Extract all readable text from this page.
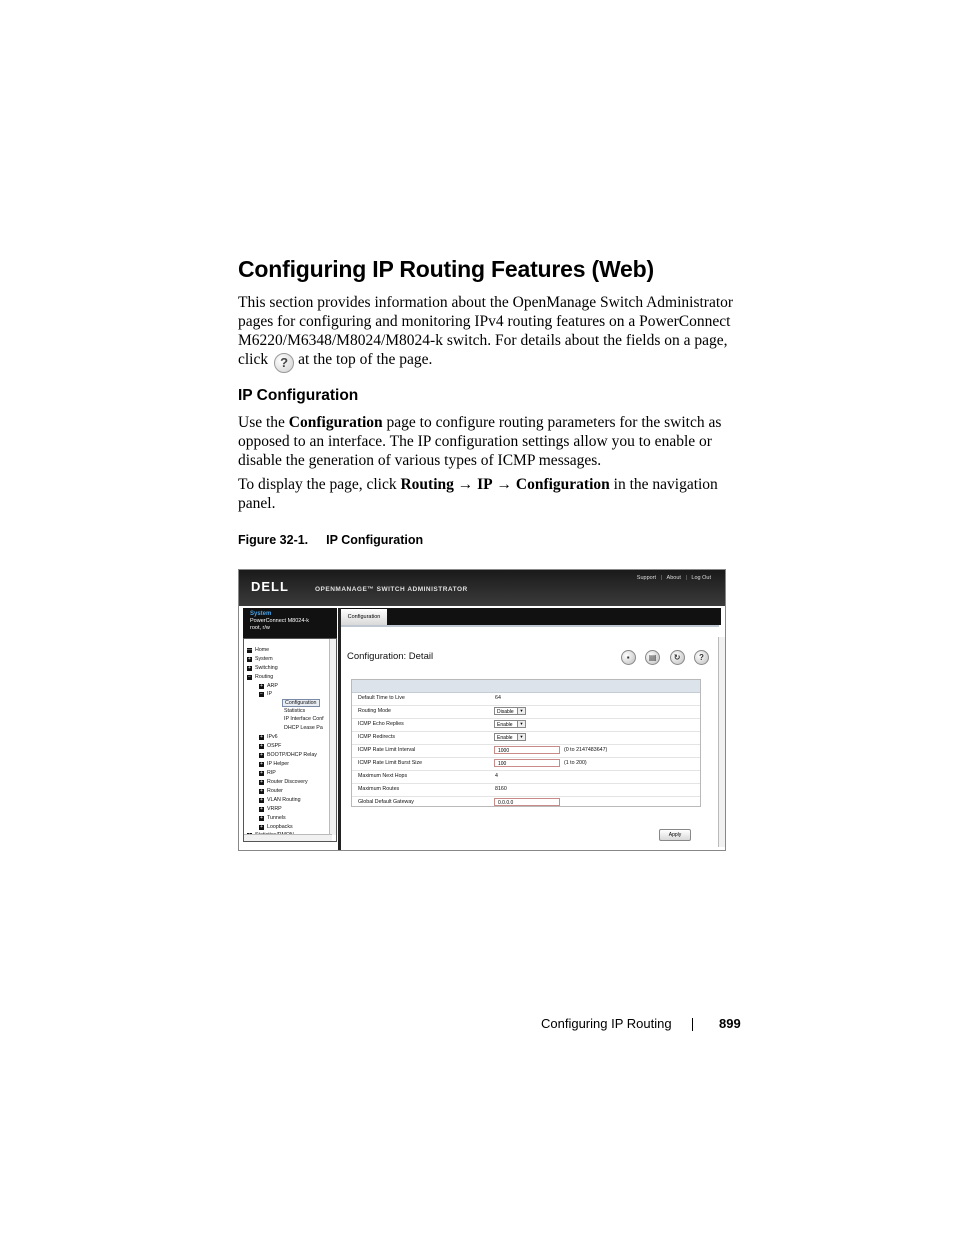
Configuring IP Routing Features (Web)

This section provides information about the OpenManage Switch Administrator pages for configuring and monitoring IPv4 routing features on a PowerConnect M6220/M6348/M8024/M8024-k switch. For details about the fields on a page, click ? at the top of the page.

IP Configuration

Use the Configuration page to configure routing parameters for the switch as opposed to an interface. The IP configuration settings allow you to enable or disable the generation of various types of ICMP messages.

To display the page, click Routing → IP → Configuration in the navigation panel.

Figure 32-1. IP Configuration

DELL	OPENMANAGE™ SWITCH ADMINISTRATOR
Support | About | Log Out
System
PowerConnect M8024-k
root, r/w
— Home
+ System
+ Switching
− Routing
+ ARP
− IP
Configuration
Statistics
IP Interface Conf
DHCP Lease Pa
+ IPv6
+ OSPF
+ BOOTP/DHCP Relay
+ IP Helper
+ RIP
+ Router Discovery
+ Router
+ VLAN Routing
+ VRRP
+ Tunnels
+ Loopbacks
Configuration
Configuration: Detail	▪ ▤ ↻ ?
Default Time to Live	64
Routing Mode	Disable	▼
ICMP Echo Replies	Enable	▼
ICMP Redirects	Enable	▼
ICMP Rate Limit Interval	1000	(0 to 2147483647)
ICMP Rate Limit Burst Size	100	(1 to 200)
Maximum Next Hops	4
Maximum Routes	8160
Global Default Gateway	0.0.0.0
Apply

Configuring IP Routing	899
